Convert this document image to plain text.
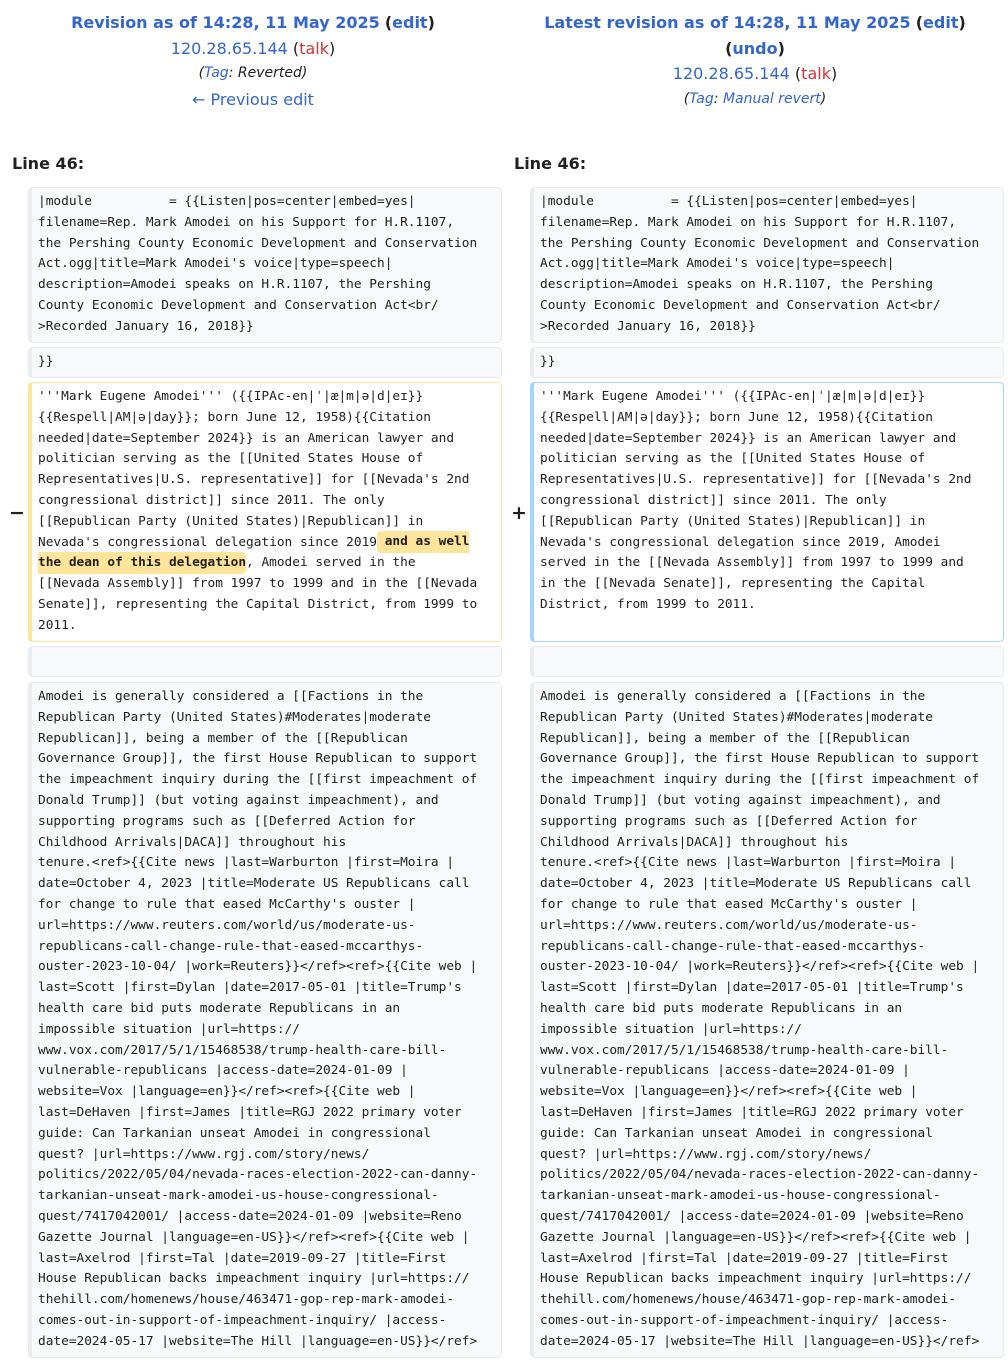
Revision as of 14:28, 11 May 2025 (edit)
120.28.65.144 (talk)
(Tag: Reverted)
← Previous edit
Latest revision as of 14:28, 11 May 2025 (edit)
(undo)
120.28.65.144 (talk)
(Tag: Manual revert)
Line 46:	Line 46:
|module          = {{Listen|pos=center|embed=yes|
filename=Rep. Mark Amodei on his Support for H.R.1107,
the Pershing County Economic Development and Conservation
Act.ogg|title=Mark Amodei's voice|type=speech|
description=Amodei speaks on H.R.1107, the Pershing
County Economic Development and Conservation Act<br/
>Recorded January 16, 2018}}
|module          = {{Listen|pos=center|embed=yes|
filename=Rep. Mark Amodei on his Support for H.R.1107,
the Pershing County Economic Development and Conservation
Act.ogg|title=Mark Amodei's voice|type=speech|
description=Amodei speaks on H.R.1107, the Pershing
County Economic Development and Conservation Act<br/
>Recorded January 16, 2018}}
}}	}}
−
'''Mark Eugene Amodei''' ({{IPAc-en|ˈ|æ|m|ə|d|eɪ}}
{{Respell|AM|ə|day}}; born June 12, 1958){{Citation
needed|date=September 2024}} is an American lawyer and
politician serving as the [[United States House of
Representatives|U.S. representative]] for [[Nevada's 2nd
congressional district]] since 2011. The only
[[Republican Party (United States)|Republican]] in
Nevada's congressional delegation since 2019 and as well
the dean of this delegation, Amodei served in the
[[Nevada Assembly]] from 1997 to 1999 and in the [[Nevada
Senate]], representing the Capital District, from 1999 to
2011.
+
'''Mark Eugene Amodei''' ({{IPAc-en|ˈ|æ|m|ə|d|eɪ}}
{{Respell|AM|ə|day}}; born June 12, 1958){{Citation
needed|date=September 2024}} is an American lawyer and
politician serving as the [[United States House of
Representatives|U.S. representative]] for [[Nevada's 2nd
congressional district]] since 2011. The only
[[Republican Party (United States)|Republican]] in
Nevada's congressional delegation since 2019, Amodei
served in the [[Nevada Assembly]] from 1997 to 1999 and
in the [[Nevada Senate]], representing the Capital
District, from 1999 to 2011.
Amodei is generally considered a [[Factions in the
Republican Party (United States)#Moderates|moderate
Republican]], being a member of the [[Republican
Governance Group]], the first House Republican to support
the impeachment inquiry during the [[first impeachment of
Donald Trump]] (but voting against impeachment), and
supporting programs such as [[Deferred Action for
Childhood Arrivals|DACA]] throughout his
tenure.<ref>{{Cite news |last=Warburton |first=Moira |
date=October 4, 2023 |title=Moderate US Republicans call
for change to rule that eased McCarthy's ouster |
url=https://www.reuters.com/world/us/moderate-us-
republicans-call-change-rule-that-eased-mccarthys-
ouster-2023-10-04/ |work=Reuters}}</ref><ref>{{Cite web |
last=Scott |first=Dylan |date=2017-05-01 |title=Trump's
health care bid puts moderate Republicans in an
impossible situation |url=https://
www.vox.com/2017/5/1/15468538/trump-health-care-bill-
vulnerable-republicans |access-date=2024-01-09 |
website=Vox |language=en}}</ref><ref>{{Cite web |
last=DeHaven |first=James |title=RGJ 2022 primary voter
guide: Can Tarkanian unseat Amodei in congressional
quest? |url=https://www.rgj.com/story/news/
politics/2022/05/04/nevada-races-election-2022-can-danny-
tarkanian-unseat-mark-amodei-us-house-congressional-
quest/7417042001/ |access-date=2024-01-09 |website=Reno
Gazette Journal |language=en-US}}</ref><ref>{{Cite web |
last=Axelrod |first=Tal |date=2019-09-27 |title=First
House Republican backs impeachment inquiry |url=https://
thehill.com/homenews/house/463471-gop-rep-mark-amodei-
comes-out-in-support-of-impeachment-inquiry/ |access-
date=2024-05-17 |website=The Hill |language=en-US}}</ref>
Amodei is generally considered a [[Factions in the
Republican Party (United States)#Moderates|moderate
Republican]], being a member of the [[Republican
Governance Group]], the first House Republican to support
the impeachment inquiry during the [[first impeachment of
Donald Trump]] (but voting against impeachment), and
supporting programs such as [[Deferred Action for
Childhood Arrivals|DACA]] throughout his
tenure.<ref>{{Cite news |last=Warburton |first=Moira |
date=October 4, 2023 |title=Moderate US Republicans call
for change to rule that eased McCarthy's ouster |
url=https://www.reuters.com/world/us/moderate-us-
republicans-call-change-rule-that-eased-mccarthys-
ouster-2023-10-04/ |work=Reuters}}</ref><ref>{{Cite web |
last=Scott |first=Dylan |date=2017-05-01 |title=Trump's
health care bid puts moderate Republicans in an
impossible situation |url=https://
www.vox.com/2017/5/1/15468538/trump-health-care-bill-
vulnerable-republicans |access-date=2024-01-09 |
website=Vox |language=en}}</ref><ref>{{Cite web |
last=DeHaven |first=James |title=RGJ 2022 primary voter
guide: Can Tarkanian unseat Amodei in congressional
quest? |url=https://www.rgj.com/story/news/
politics/2022/05/04/nevada-races-election-2022-can-danny-
tarkanian-unseat-mark-amodei-us-house-congressional-
quest/7417042001/ |access-date=2024-01-09 |website=Reno
Gazette Journal |language=en-US}}</ref><ref>{{Cite web |
last=Axelrod |first=Tal |date=2019-09-27 |title=First
House Republican backs impeachment inquiry |url=https://
thehill.com/homenews/house/463471-gop-rep-mark-amodei-
comes-out-in-support-of-impeachment-inquiry/ |access-
date=2024-05-17 |website=The Hill |language=en-US}}</ref>
